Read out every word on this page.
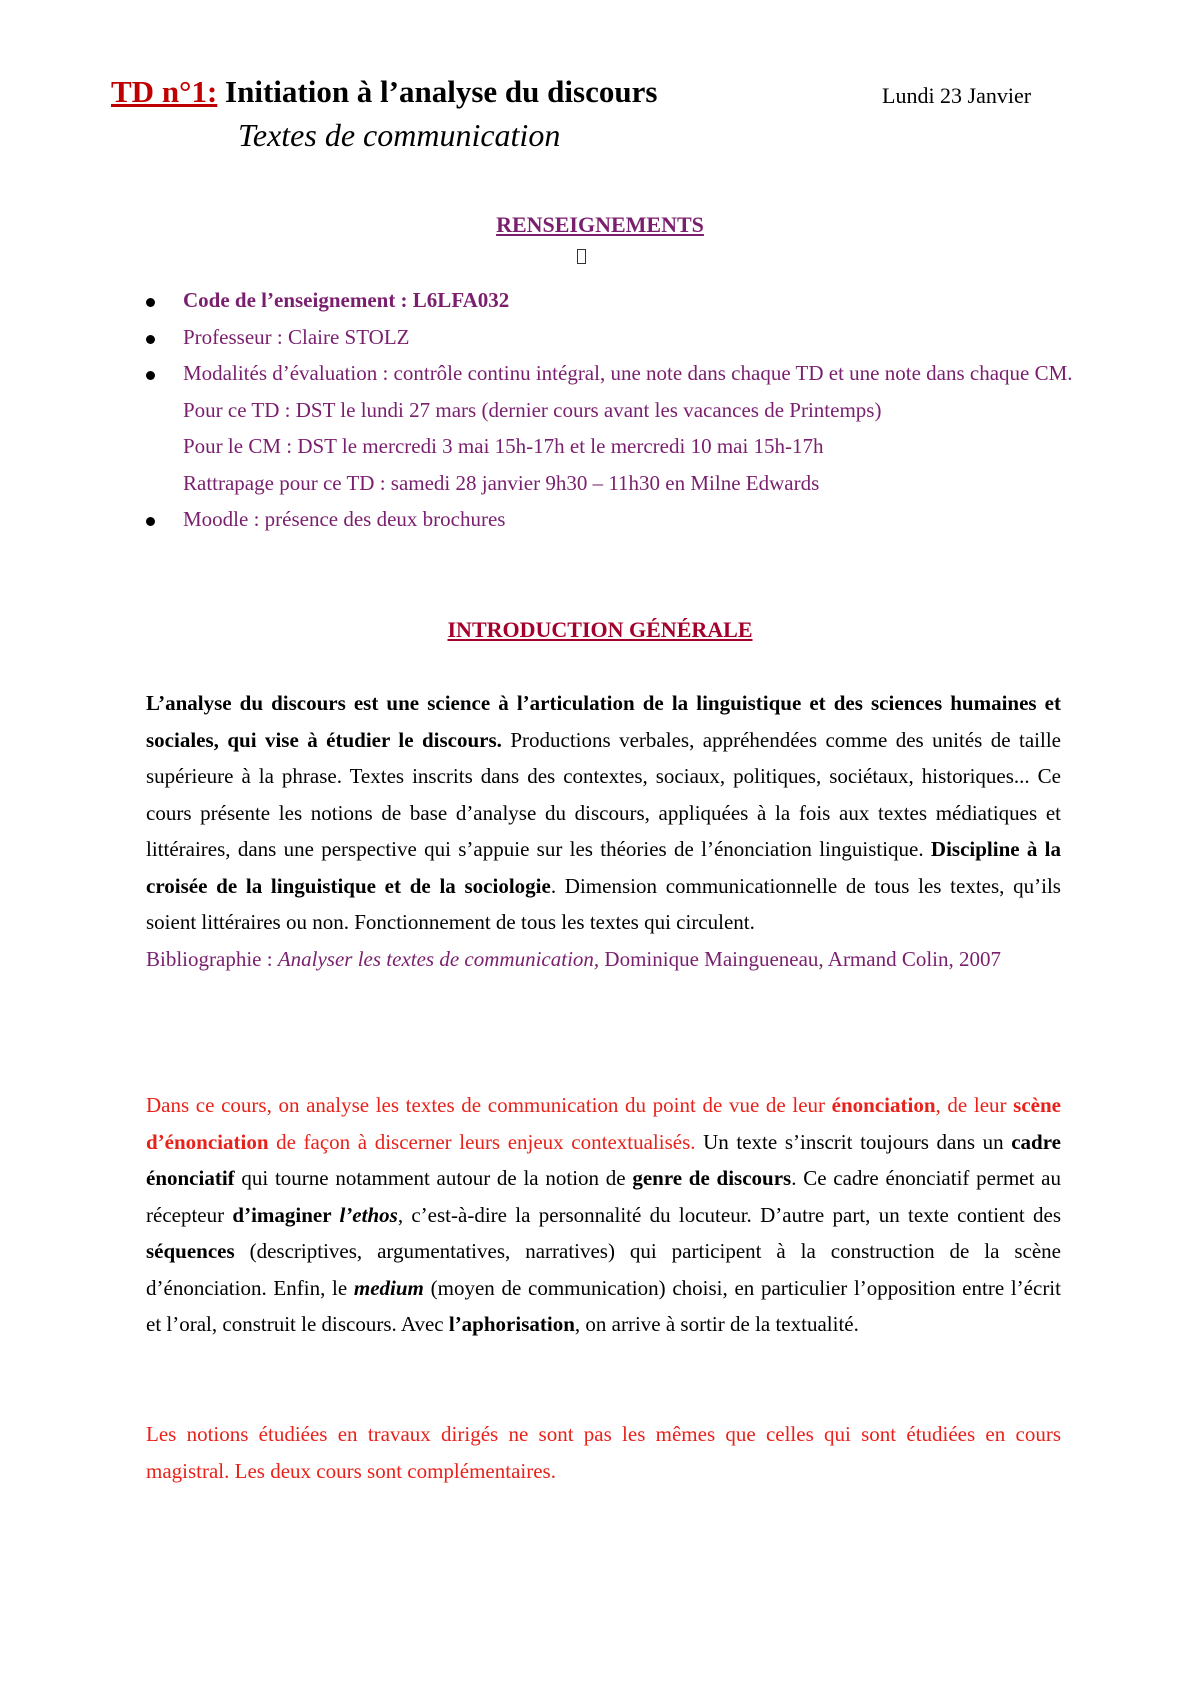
TD n°1: Initiation à l’analyse du discours	Lundi 23 Janvier
Textes de communication
RENSEIGNEMENTS
Code de l’enseignement : L6LFA032
Professeur : Claire STOLZ
Modalités d’évaluation : contrôle continu intégral, une note dans chaque TD et une note dans chaque CM.
Pour ce TD : DST le lundi 27 mars (dernier cours avant les vacances de Printemps)
Pour le CM : DST le mercredi 3 mai 15h-17h et le mercredi 10 mai 15h-17h
Rattrapage pour ce TD : samedi 28 janvier 9h30 – 11h30 en Milne Edwards
Moodle : présence des deux brochures
INTRODUCTION GÉNÉRALE

L’analyse du discours est une science à l’articulation de la linguistique et des sciences humaines et sociales, qui vise à étudier le discours. Productions verbales, appréhendées comme des unités de taille supérieure à la phrase. Textes inscrits dans des contextes, sociaux, politiques, sociétaux, historiques... Ce cours présente les notions de base d’analyse du discours, appliquées à la fois aux textes médiatiques et littéraires, dans une perspective qui s’appuie sur les théories de l’énonciation linguistique. Discipline à la croisée de la linguistique et de la sociologie. Dimension communicationnelle de tous les textes, qu’ils soient littéraires ou non. Fonctionnement de tous les textes qui circulent.
Bibliographie : Analyser les textes de communication, Dominique Maingueneau, Armand Colin, 2007

Dans ce cours, on analyse les textes de communication du point de vue de leur énonciation, de leur scène d’énonciation de façon à discerner leurs enjeux contextualisés. Un texte s’inscrit toujours dans un cadre énonciatif qui tourne notamment autour de la notion de genre de discours. Ce cadre énonciatif permet au récepteur d’imaginer l’ethos, c’est-à-dire la personnalité du locuteur. D’autre part, un texte contient des séquences (descriptives, argumentatives, narratives) qui participent à la construction de la scène d’énonciation. Enfin, le medium (moyen de communication) choisi, en particulier l’opposition entre l’écrit et l’oral, construit le discours. Avec l’aphorisation, on arrive à sortir de la textualité.

Les notions étudiées en travaux dirigés ne sont pas les mêmes que celles qui sont étudiées en cours magistral. Les deux cours sont complémentaires.
